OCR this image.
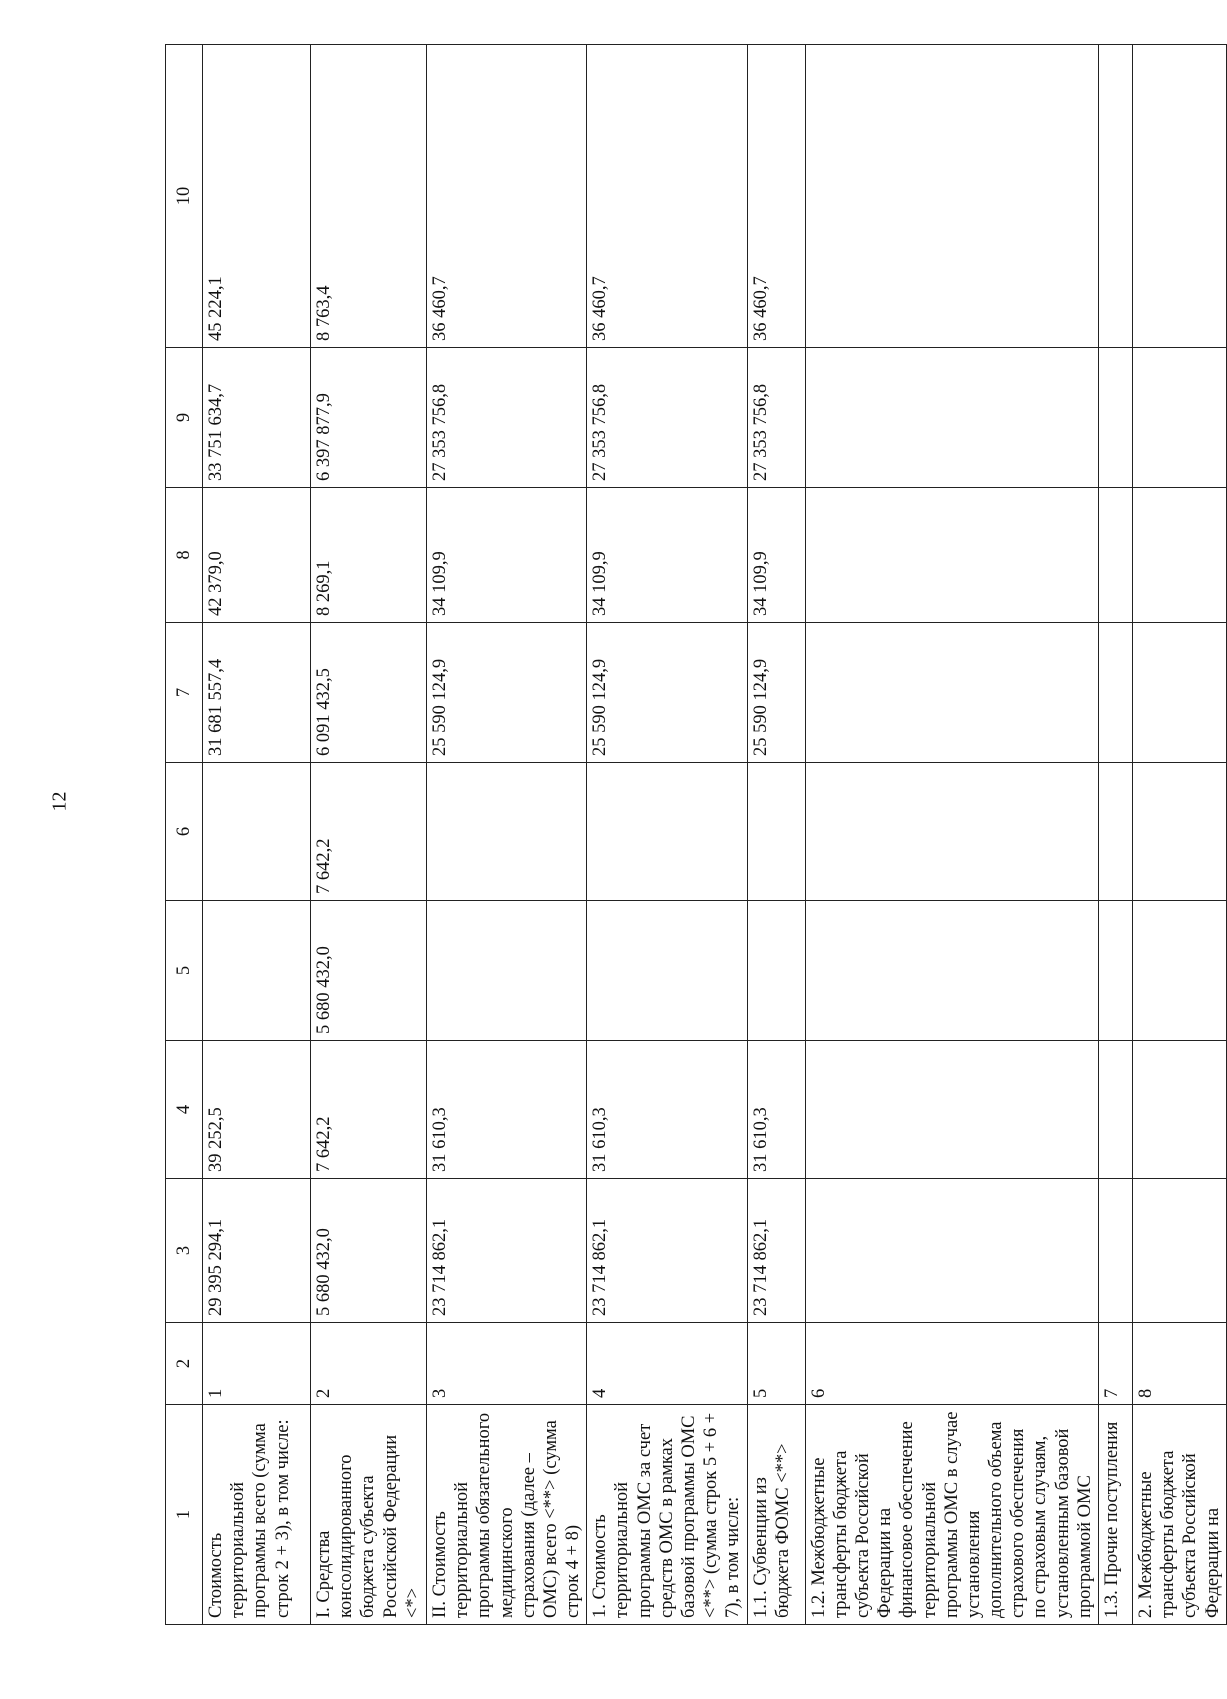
12
1	2	3	4	5	6	7	8	9	10
Стоимость территориальной программы всего (сумма строк 2 + 3), в том числе:	1	29 395 294,1	39 252,5			31 681 557,4	42 379,0	33 751 634,7	45 224,1
I. Средства консолидированного бюджета субъекта Российской Федерации <*>	2	5 680 432,0	7 642,2	5 680 432,0	7 642,2	6 091 432,5	8 269,1	6 397 877,9	8 763,4
II. Стоимость территориальной программы обязательного медицинского страхования (далее – ОМС) всего <**> (сумма строк 4 + 8)	3	23 714 862,1	31 610,3			25 590 124,9	34 109,9	27 353 756,8	36 460,7
1. Стоимость территориальной программы ОМС за счет средств ОМС в рамках базовой программы ОМС <**> (сумма строк 5 + 6 + 7), в том числе:	4	23 714 862,1	31 610,3			25 590 124,9	34 109,9	27 353 756,8	36 460,7
1.1. Субвенции из бюджета ФОМС <**>	5	23 714 862,1	31 610,3			25 590 124,9	34 109,9	27 353 756,8	36 460,7
1.2. Межбюджетные трансферты бюджета субъекта Российской Федерации на финансовое обеспечение территориальной программы ОМС в случае установления дополнительного объема страхового обеспечения по страховым случаям, установленным базовой программой ОМС	6								
1.3. Прочие поступления	7								
2. Межбюджетные трансферты бюджета субъекта Российской Федерации на	8								
